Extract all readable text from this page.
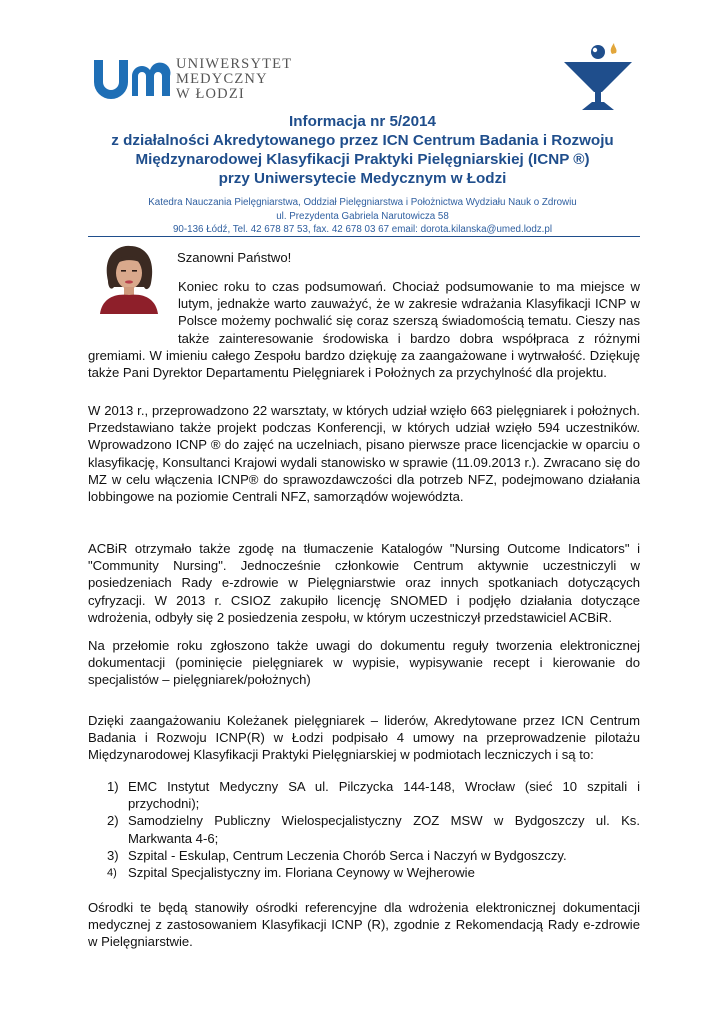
UNIWERSYTET
MEDYCZNY
W ŁODZI
Informacja nr 5/2014
z działalności Akredytowanego przez ICN Centrum Badania i Rozwoju
Międzynarodowej Klasyfikacji Praktyki Pielęgniarskiej (ICNP ®)
przy Uniwersytecie Medycznym w Łodzi
Katedra Nauczania Pielęgniarstwa, Oddział Pielęgniarstwa i Położnictwa Wydziału Nauk o Zdrowiu
ul. Prezydenta Gabriela Narutowicza 58
90-136 Łódź, Tel. 42 678 87 53, fax. 42 678 03 67 email: dorota.kilanska@umed.lodz.pl
Szanowni Państwo!
Koniec roku to czas podsumowań. Chociaż podsumowanie to ma miejsce w lutym, jednakże warto zauważyć, że w zakresie wdrażania Klasyfikacji ICNP w Polsce możemy pochwalić się coraz szerszą świadomością tematu. Cieszy nas także zainteresowanie środowiska i bardzo dobra współpraca z różnymi gremiami. W imieniu całego Zespołu bardzo dziękuję za zaangażowane i wytrwałość. Dziękuję także Pani Dyrektor Departamentu Pielęgniarek i Położnych za przychylność dla projektu.
W 2013 r., przeprowadzono 22 warsztaty, w których udział wzięło 663 pielęgniarek i położnych. Przedstawiano także projekt podczas Konferencji, w których udział wzięło 594 uczestników. Wprowadzono ICNP ® do zajęć na uczelniach, pisano pierwsze prace licencjackie w oparciu o klasyfikację, Konsultanci Krajowi wydali stanowisko w sprawie (11.09.2013 r.). Zwracano się do MZ w celu włączenia ICNP® do sprawozdawczości dla potrzeb NFZ, podejmowano działania lobbingowe na poziomie Centrali NFZ, samorządów województa.
ACBiR otrzymało także zgodę na tłumaczenie Katalogów "Nursing Outcome Indicators" i "Community Nursing". Jednocześnie członkowie Centrum aktywnie uczestniczyli w posiedzeniach Rady e-zdrowie w Pielęgniarstwie oraz innych spotkaniach dotyczących cyfryzacji. W 2013 r. CSIOZ zakupiło licencję SNOMED i podjęło działania dotyczące wdrożenia, odbyły się 2 posiedzenia zespołu, w którym uczestniczył przedstawiciel ACBiR.
Na przełomie roku zgłoszono także uwagi do dokumentu reguły tworzenia elektronicznej dokumentacji (pominięcie pielęgniarek w wypisie, wypisywanie recept i kierowanie do specjalistów – pielęgniarek/położnych)
Dzięki zaangażowaniu Koleżanek pielęgniarek – liderów, Akredytowane przez ICN Centrum Badania i Rozwoju ICNP(R) w Łodzi podpisało 4 umowy na przeprowadzenie pilotażu Międzynarodowej Klasyfikacji Praktyki Pielęgniarskiej w podmiotach leczniczych i są to:
1) EMC Instytut Medyczny SA ul. Pilczycka 144-148, Wrocław (sieć 10 szpitali i przychodni);
2) Samodzielny Publiczny Wielospecjalistyczny ZOZ MSW w Bydgoszczy ul. Ks. Markwanta 4-6;
3) Szpital - Eskulap, Centrum Leczenia Chorób Serca i Naczyń w Bydgoszczy.
4) Szpital Specjalistyczny im. Floriana Ceynowy w Wejherowie
Ośrodki te będą stanowiły ośrodki referencyjne dla wdrożenia elektronicznej dokumentacji medycznej z zastosowaniem Klasyfikacji ICNP (R), zgodnie z Rekomendacją Rady e-zdrowie w Pielęgniarstwie.
